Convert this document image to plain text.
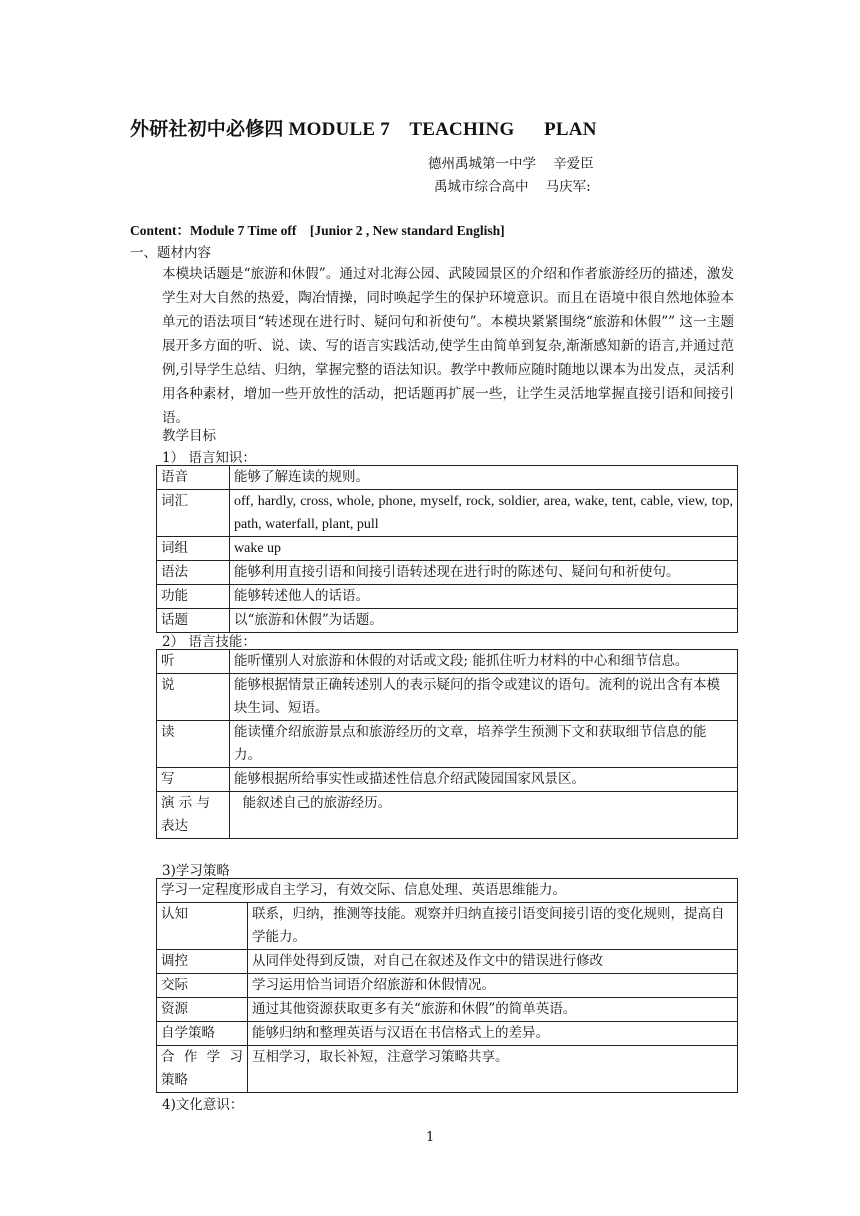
外研社初中必修四 MODULE 7    TEACHING      PLAN
德州禹城第一中学    辛爱臣
禹城市综合高中    马庆军:
Content：Module 7 Time off    [Junior 2 , New standard English]
一、题材内容

本模块话题是“旅游和休假”。通过对北海公园、武陵园景区的介绍和作者旅游经历的描述，激发学生对大自然的热爱，陶冶情操，同时唤起学生的保护环境意识。而且在语境中很自然地体验本单元的语法项目“转述现在进行时、疑问句和祈使句”。本模块紧紧围绕“旅游和休假”” 这一主题展开多方面的听、说、读、写的语言实践活动,使学生由简单到复杂,渐渐感知新的语言,并通过范例,引导学生总结、归纳，掌握完整的语法知识。教学中教师应随时随地以课本为出发点，灵活利用各种素材，增加一些开放性的活动，把话题再扩展一些，让学生灵活地掌握直接引语和间接引语。

教学目标
1） 语言知识：
语音	能够了解连读的规则。
词汇	off, hardly, cross, whole, phone, myself, rock, soldier, area, wake, tent, cable, view, top, path, waterfall, plant, pull
词组	wake up
语法	能够利用直接引语和间接引语转述现在进行时的陈述句、疑问句和祈使句。
功能	能够转述他人的话语。
话题	以“旅游和休假”为话题。
2） 语言技能：
听	能听懂别人对旅游和休假的对话或文段; 能抓住听力材料的中心和细节信息。
说	能够根据情景正确转述别人的表示疑问的指令或建议的语句。流利的说出含有本模块生词、短语。
读	能读懂介绍旅游景点和旅游经历的文章，培养学生预测下文和获取细节信息的能力。
写	能够根据所给事实性或描述性信息介绍武陵园国家风景区。
演 示 与 表达	能叙述自己的旅游经历。
3)学习策略
学习一定程度形成自主学习，有效交际、信息处理、英语思维能力。	
认知	联系，归纳，推测等技能。观察并归纳直接引语变间接引语的变化规则，提高自学能力。
调控	从同伴处得到反馈，对自己在叙述及作文中的错误进行修改
交际	学习运用恰当词语介绍旅游和休假情况。
资源	通过其他资源获取更多有关“旅游和休假”的简单英语。
自学策略	能够归纳和整理英语与汉语在书信格式上的差异。
合 作 学 习 策略	互相学习，取长补短，注意学习策略共享。
4)文化意识：
1
